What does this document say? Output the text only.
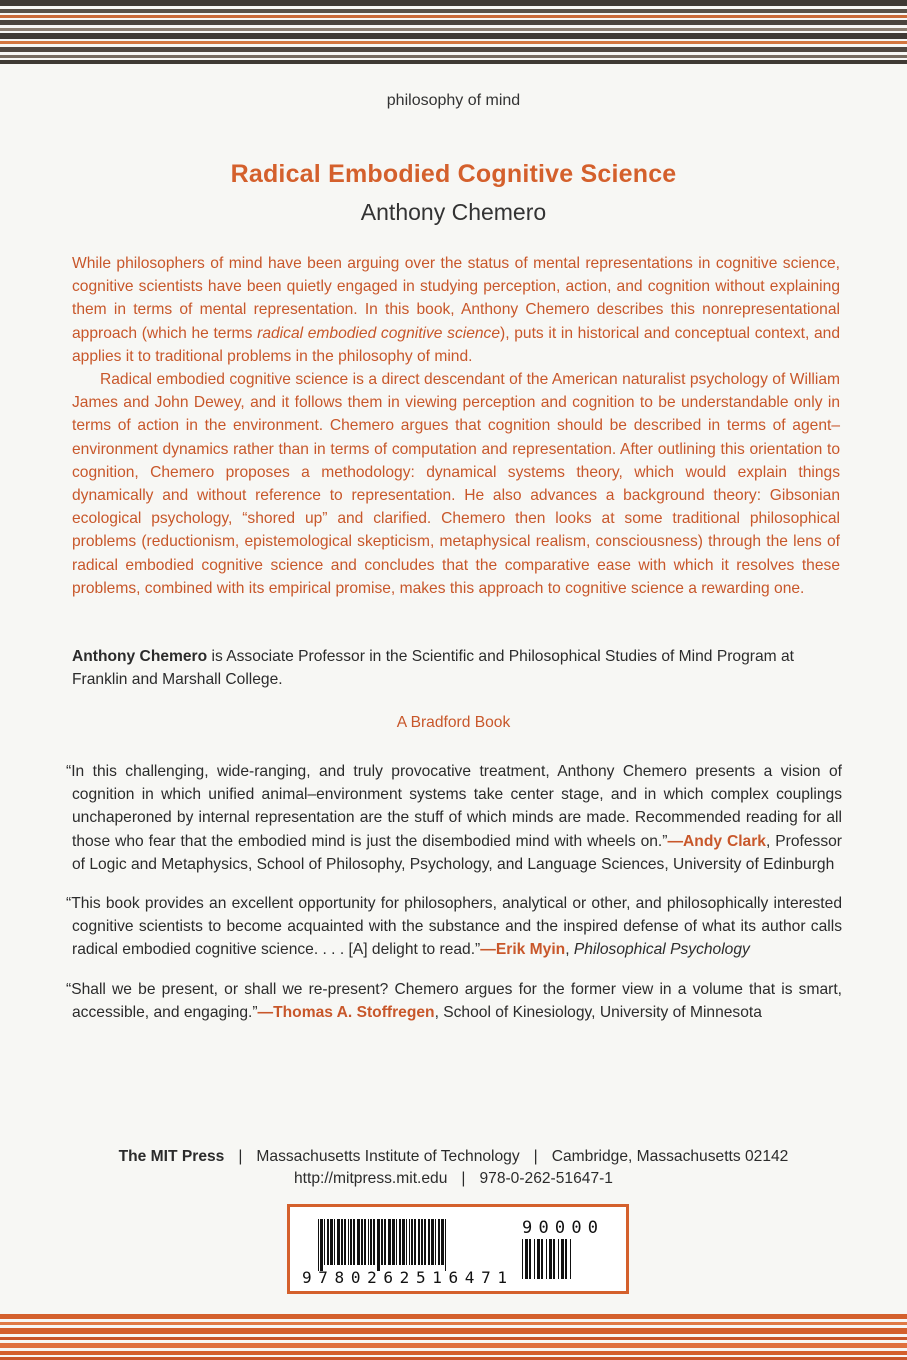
philosophy of mind
Radical Embodied Cognitive Science
Anthony Chemero

While philosophers of mind have been arguing over the status of mental representations in cognitive science, cognitive scientists have been quietly engaged in studying perception, action, and cognition without explaining them in terms of mental representation. In this book, Anthony Chemero describes this nonrepresentational approach (which he terms radical embodied cognitive science), puts it in historical and conceptual context, and applies it to traditional problems in the philosophy of mind.

Radical embodied cognitive science is a direct descendant of the American naturalist psychology of William James and John Dewey, and it follows them in viewing perception and cognition to be understandable only in terms of action in the environment. Chemero argues that cognition should be described in terms of agent–environment dynamics rather than in terms of computation and representation. After outlining this orientation to cognition, Chemero proposes a methodology: dynamical systems theory, which would explain things dynamically and without reference to representation. He also advances a background theory: Gibsonian ecological psychology, “shored up” and clarified. Chemero then looks at some traditional philosophical problems (reductionism, epistemological skepticism, metaphysical realism, consciousness) through the lens of radical embodied cognitive science and concludes that the comparative ease with which it resolves these problems, combined with its empirical promise, makes this approach to cognitive science a rewarding one.

Anthony Chemero is Associate Professor in the Scientific and Philosophical Studies of Mind Program at Franklin and Marshall College.
A Bradford Book

“In this challenging, wide-ranging, and truly provocative treatment, Anthony Chemero presents a vision of cognition in which unified animal–environment systems take center stage, and in which complex couplings unchaperoned by internal representation are the stuff of which minds are made. Recommended reading for all those who fear that the embodied mind is just the disembodied mind with wheels on.”—Andy Clark, Professor of Logic and Metaphysics, School of Philosophy, Psychology, and Language Sciences, University of Edinburgh

“This book provides an excellent opportunity for philosophers, analytical or other, and philosophically interested cognitive scientists to become acquainted with the substance and the inspired defense of what its author calls radical embodied cognitive science. . . . [A] delight to read.”—Erik Myin, Philosophical Psychology

“Shall we be present, or shall we re-present? Chemero argues for the former view in a volume that is smart, accessible, and engaging.”—Thomas A. Stoffregen, School of Kinesiology, University of Minnesota

The MIT Press | Massachusetts Institute of Technology | Cambridge, Massachusetts 02142
http://mitpress.mit.edu | 978-0-262-51647-1
9780262516471
90000
